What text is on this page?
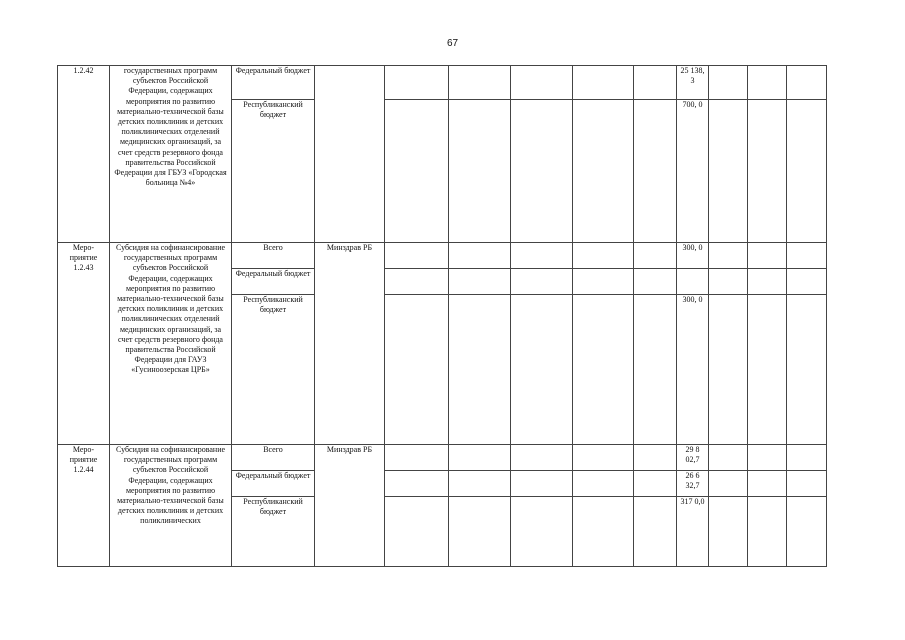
67
1.2.42	государственных программ субъектов Российской Федерации, содержащих мероприятия по развитию материально-технической базы детских поликлиник и детских поликлинических отделений медицинских организаций, за счет средств резервного фонда правительства Российской Федерации для ГБУЗ «Городская больница №4»	Федеральный бюджет							25 138, 3			
		Республиканский бюджет							700, 0			
Меро-приятие 1.2.43	Субсидия на софинансирование государственных программ субъектов Российской Федерации, содержащих мероприятия по развитию материально-технической базы детских поликлиник и детских поликлинических отделений медицинских организаций, за счет средств резервного фонда правительства Российской Федерации для ГАУЗ «Гусиноозерская ЦРБ»	Всего	Минздрав РБ						300, 0			
		Федеральный бюджет										
		Республиканский бюджет							300, 0			
Меро-приятие 1.2.44	Субсидия на софинансирование государственных программ субъектов Российской Федерации, содержащих мероприятия по развитию материально-технической базы детских поликлиник и детских поликлинических	Всего	Минздрав РБ						29 8 02,7			
		Федеральный бюджет							26 6 32,7			
		Республиканский бюджет							317 0,0			
